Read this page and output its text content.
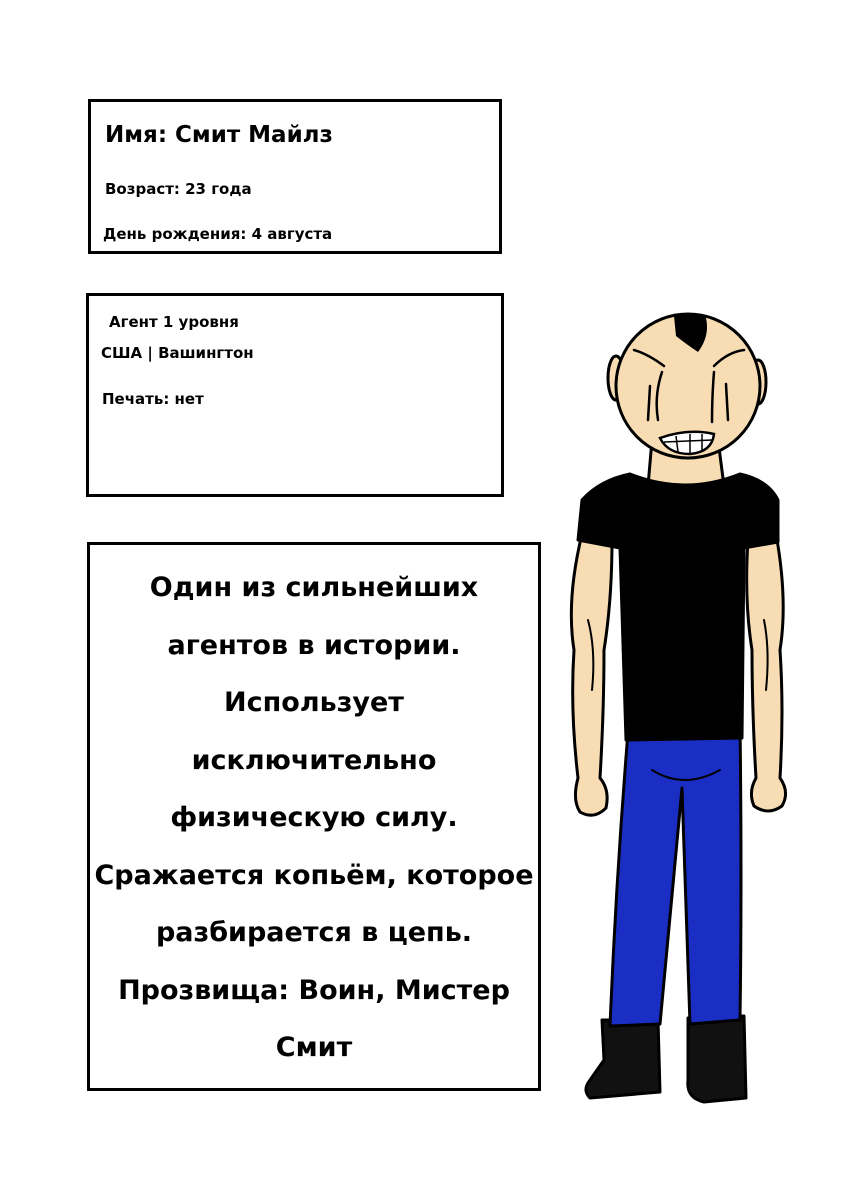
Имя: Смит Майлз
Возраст: 23 года
День рождения: 4 августа
Агент 1 уровня
США | Вашингтон
Печать: нет
Один из сильнейших
агентов в истории.
Использует
исключительно
физическую силу.
Сражается копьём, которое
разбирается в цепь.
Прозвища: Воин, Мистер
Смит
